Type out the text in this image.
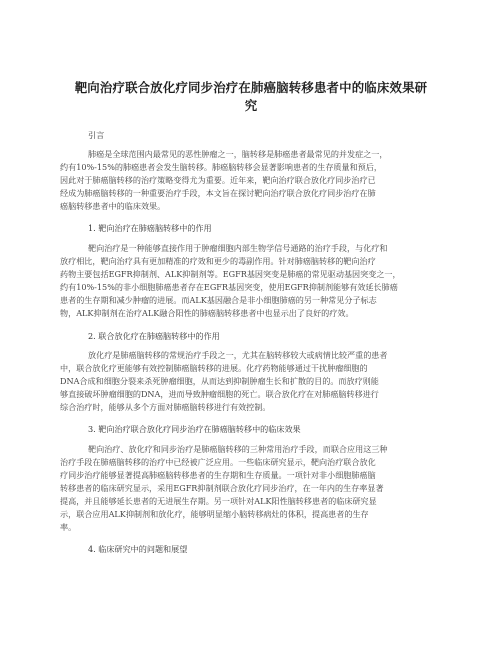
靶向治疗联合放化疗同步治疗在肺癌脑转移患者中的临床效果研
究
引言
肺癌是全球范围内最常见的恶性肿瘤之一，脑转移是肺癌患者最常见的并发症之一，
约有10%-15%的肺癌患者会发生脑转移。肺癌脑转移会显著影响患者的生存质量和预后，
因此对于肺癌脑转移的治疗策略变得尤为重要。近年来，靶向治疗联合放化疗同步治疗已
经成为肺癌脑转移的一种重要治疗手段，本文旨在探讨靶向治疗联合放化疗同步治疗在肺
癌脑转移患者中的临床效果。
1. 靶向治疗在肺癌脑转移中的作用
靶向治疗是一种能够直接作用于肿瘤细胞内部生物学信号通路的治疗手段，与化疗和
放疗相比，靶向治疗具有更加精准的疗效和更少的毒副作用。针对肺癌脑转移的靶向治疗
药物主要包括EGFR抑制剂、ALK抑制剂等。EGFR基因突变是肺癌的常见驱动基因突变之一，
约有10%-15%的非小细胞肺癌患者存在EGFR基因突变，使用EGFR抑制剂能够有效延长肺癌
患者的生存期和减少肿瘤的进展。而ALK基因融合是非小细胞肺癌的另一种常见分子标志
物，ALK抑制剂在治疗ALK融合阳性的肺癌脑转移患者中也显示出了良好的疗效。
2. 联合放化疗在肺癌脑转移中的作用
放化疗是肺癌脑转移的常规治疗手段之一，尤其在脑转移较大或病情比较严重的患者
中，联合放化疗更能够有效控制肺癌脑转移的进展。化疗药物能够通过干扰肿瘤细胞的
DNA合成和细胞分裂来杀死肿瘤细胞，从而达到抑制肿瘤生长和扩散的目的。而放疗则能
够直接破坏肿瘤细胞的DNA，进而导致肿瘤细胞的死亡。联合放化疗在对肺癌脑转移进行
综合治疗时，能够从多个方面对肺癌脑转移进行有效控制。
3. 靶向治疗联合放化疗同步治疗在肺癌脑转移中的临床效果
靶向治疗、放化疗和同步治疗是肺癌脑转移的三种常用治疗手段，而联合应用这三种
治疗手段在肺癌脑转移的治疗中已经被广泛应用。一些临床研究显示，靶向治疗联合放化
疗同步治疗能够显著提高肺癌脑转移患者的生存期和生存质量。一项针对非小细胞肺癌脑
转移患者的临床研究显示，采用EGFR抑制剂联合放化疗同步治疗，在一年内的生存率显著
提高，并且能够延长患者的无进展生存期。另一项针对ALK阳性脑转移患者的临床研究显
示，联合应用ALK抑制剂和放化疗，能够明显缩小脑转移病灶的体积，提高患者的生存
率。
4. 临床研究中的问题和展望
